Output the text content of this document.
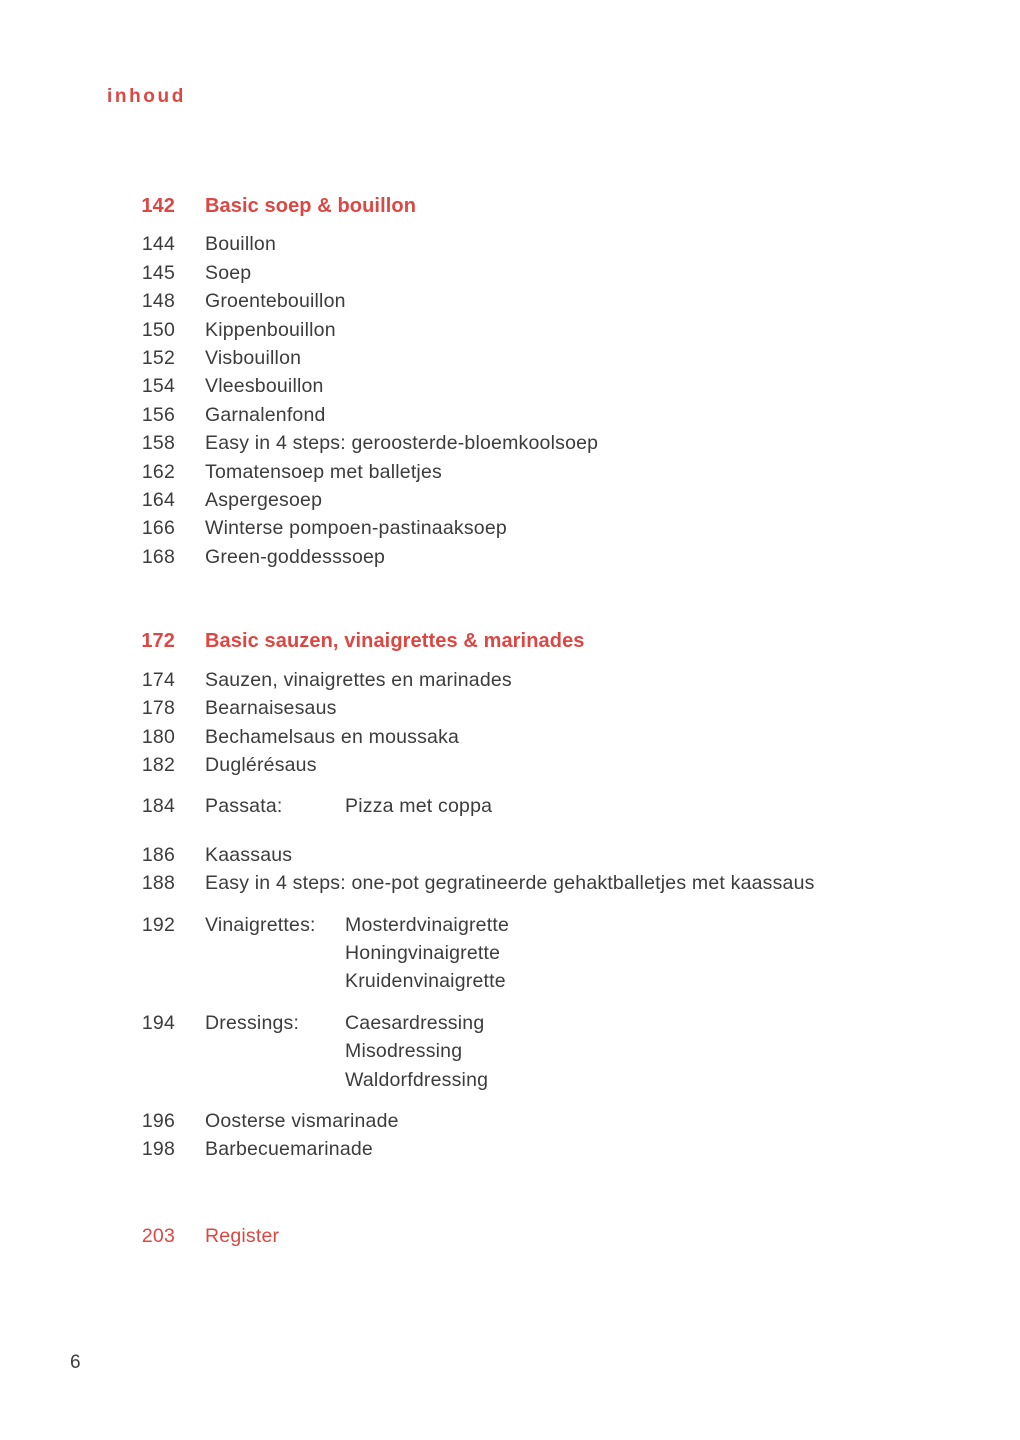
inhoud
142	Basic soep & bouillon
144	Bouillon
145	Soep
148	Groentebouillon
150	Kippenbouillon
152	Visbouillon
154	Vleesbouillon
156	Garnalenfond
158	Easy in 4 steps: geroosterde-bloemkoolsoep
162	Tomatensoep met balletjes
164	Aspergesoep
166	Winterse pompoen-pastinaaksoep
168	Green-goddesssoep
172	Basic sauzen, vinaigrettes & marinades
174	Sauzen, vinaigrettes en marinades
178	Bearnaisesaus
180	Bechamelsaus en moussaka
182	Duglérésaus
184	Passata:	Pizza met coppa
186	Kaassaus
188	Easy in 4 steps: one-pot gegratineerde gehaktballetjes met kaassaus
192	Vinaigrettes:	Mosterdvinaigrette
Honingvinaigrette
Kruidenvinaigrette
194	Dressings:	Caesardressing
Misodressing
Waldorfdressing
196	Oosterse vismarinade
198	Barbecuemarinade
203	Register
6
